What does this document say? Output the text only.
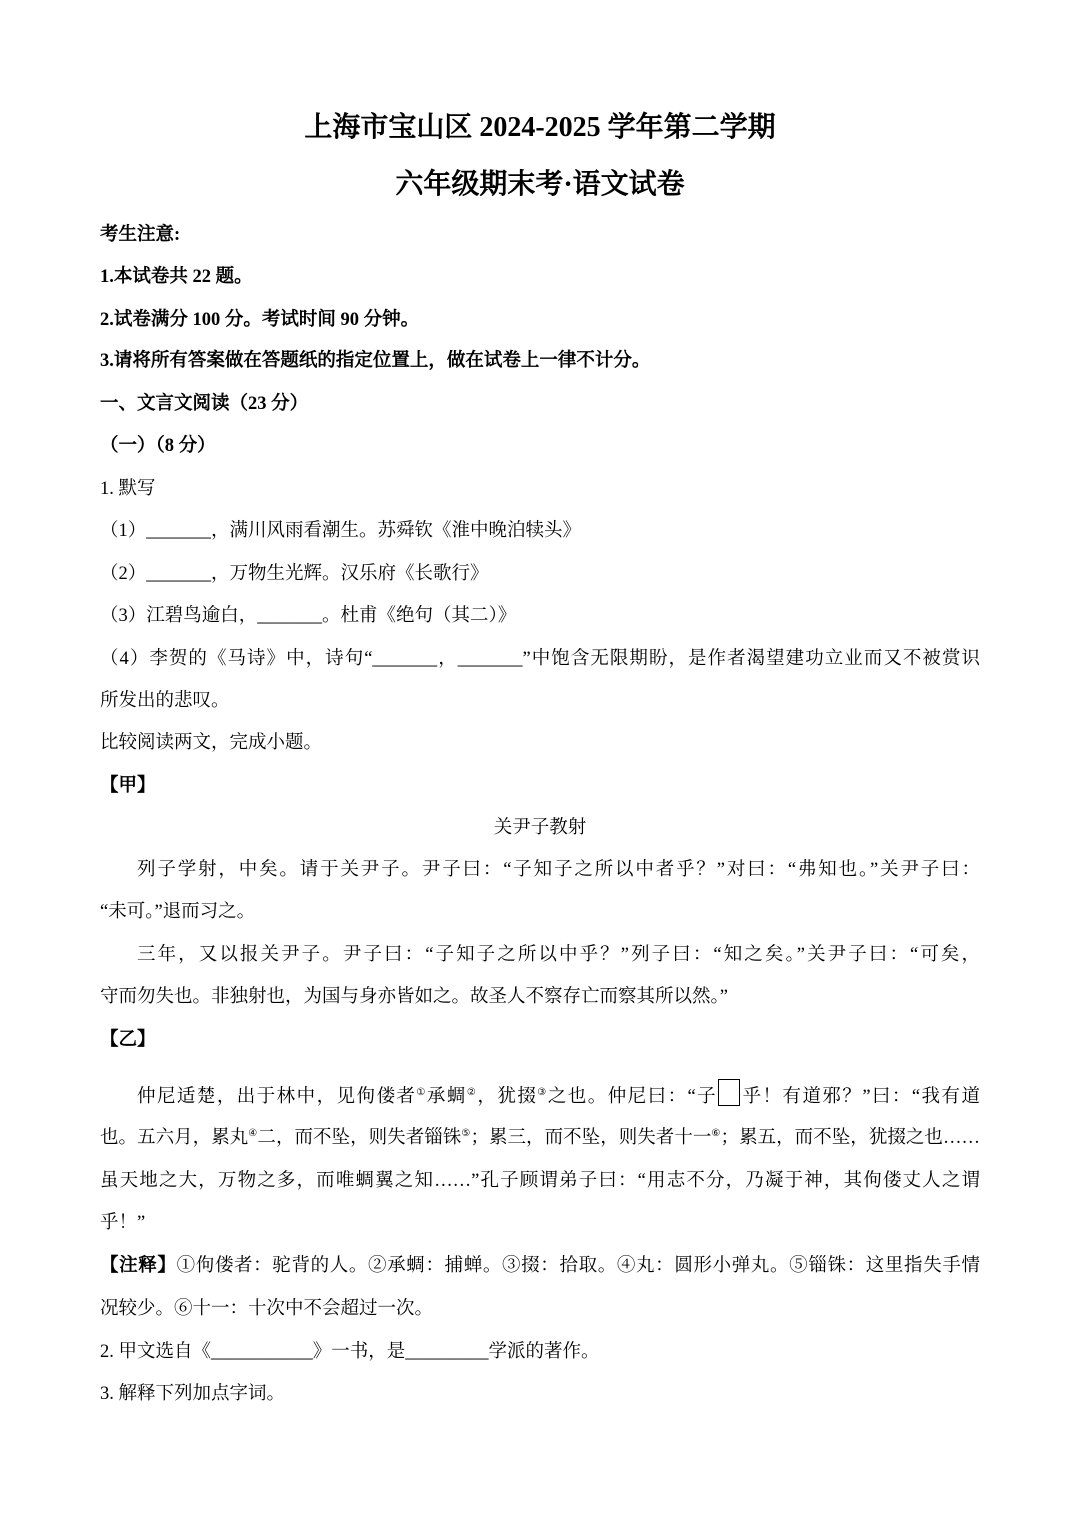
上海市宝山区 2024-2025 学年第二学期
六年级期末考·语文试卷
考生注意:
1.本试卷共 22 题。
2.试卷满分 100 分。考试时间 90 分钟。
3.请将所有答案做在答题纸的指定位置上，做在试卷上一律不计分。
一、文言文阅读（23 分）
（一）（8 分）
1. 默写
（1）_______，满川风雨看潮生。苏舜钦《淮中晚泊犊头》
（2）_______，万物生光辉。汉乐府《长歌行》
（3）江碧鸟逾白，_______。杜甫《绝句（其二）》
（4）李贺的《马诗》中，诗句“_______，_______”中饱含无限期盼，是作者渴望建功立业而又不被赏识
所发出的悲叹。
比较阅读两文，完成小题。
【甲】
关尹子教射
列子学射，中矣。请于关尹子。尹子曰：“子知子之所以中者乎？”对曰：“弗知也。”关尹子曰：
“未可。”退而习之。
三年，又以报关尹子。尹子曰：“子知子之所以中乎？”列子曰：“知之矣。”关尹子曰：“可矣，
守而勿失也。非独射也，为国与身亦皆如之。故圣人不察存亡而察其所以然。”
【乙】
仲尼适楚，出于林中，见佝偻者①承蜩②，犹掇③之也。仲尼曰：“子 乎！有道邪？”曰：“我有道
也。五六月，累丸④二，而不坠，则失者锱铢⑤；累三，而不坠，则失者十一⑥；累五，而不坠，犹掇之也……
虽天地之大，万物之多，而唯蜩翼之知……”孔子顾谓弟子曰：“用志不分，乃凝于神，其佝偻丈人之谓
乎！”
【注释】①佝偻者：驼背的人。②承蜩：捕蝉。③掇：拾取。④丸：圆形小弹丸。⑤锱铢：这里指失手情
况较少。⑥十一：十次中不会超过一次。
2. 甲文选自《___________》一书，是_________学派的著作。
3. 解释下列加点字词。
